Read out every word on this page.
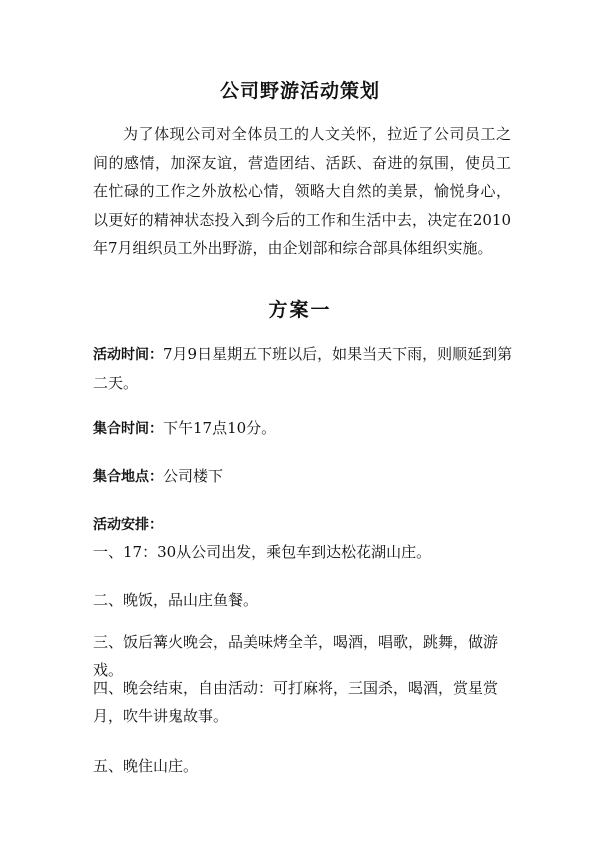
公司野游活动策划

为了体现公司对全体员工的人文关怀，拉近了公司员工之间的感情，加深友谊，营造团结、活跃、奋进的氛围，使员工在忙碌的工作之外放松心情，领略大自然的美景，愉悦身心，以更好的精神状态投入到今后的工作和生活中去，决定在2010年7月组织员工外出野游，由企划部和综合部具体组织实施。

方案一

活动时间：7月9日星期五下班以后，如果当天下雨，则顺延到第二天。

集合时间：下午17点10分。

集合地点：公司楼下

活动安排：

一、17：30从公司出发，乘包车到达松花湖山庄。

二、晚饭，品山庄鱼餐。

三、饭后篝火晚会，品美味烤全羊，喝酒，唱歌，跳舞，做游戏。

四、晚会结束，自由活动：可打麻将，三国杀，喝酒，赏星赏月，吹牛讲鬼故事。

五、晚住山庄。
